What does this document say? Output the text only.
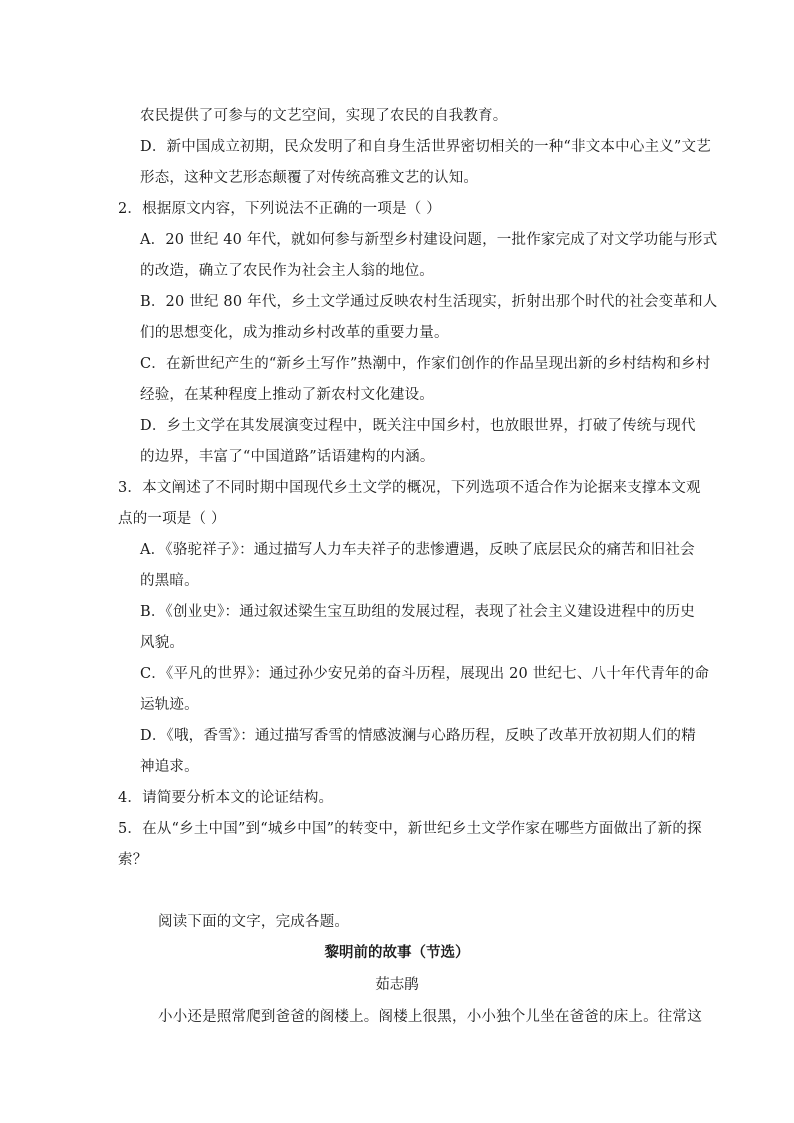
农民提供了可参与的文艺空间，实现了农民的自我教育。
D．新中国成立初期，民众发明了和自身生活世界密切相关的一种“非文本中心主义”文艺
形态，这种文艺形态颠覆了对传统高雅文艺的认知。
2．根据原文内容，下列说法不正确的一项是（ ）
A．20 世纪 40 年代，就如何参与新型乡村建设问题，一批作家完成了对文学功能与形式
的改造，确立了农民作为社会主人翁的地位。
B．20 世纪 80 年代，乡土文学通过反映农村生活现实，折射出那个时代的社会变革和人
们的思想变化，成为推动乡村改革的重要力量。
C．在新世纪产生的“新乡土写作”热潮中，作家们创作的作品呈现出新的乡村结构和乡村
经验，在某种程度上推动了新农村文化建设。
D．乡土文学在其发展演变过程中，既关注中国乡村，也放眼世界，打破了传统与现代
的边界，丰富了“中国道路”话语建构的内涵。
3．本文阐述了不同时期中国现代乡土文学的概况，下列选项不适合作为论据来支撑本文观
点的一项是（ ）
A．《骆驼祥子》：通过描写人力车夫祥子的悲惨遭遇，反映了底层民众的痛苦和旧社会
的黑暗。
B．《创业史》：通过叙述梁生宝互助组的发展过程，表现了社会主义建设进程中的历史
风貌。
C．《平凡的世界》：通过孙少安兄弟的奋斗历程，展现出 20 世纪七、八十年代青年的命
运轨迹。
D．《哦，香雪》：通过描写香雪的情感波澜与心路历程，反映了改革开放初期人们的精
神追求。
4．请简要分析本文的论证结构。
5．在从“乡土中国”到“城乡中国”的转变中，新世纪乡土文学作家在哪些方面做出了新的探
索？
阅读下面的文字，完成各题。
黎明前的故事（节选）
茹志鹃
小小还是照常爬到爸爸的阁楼上。阁楼上很黑，小小独个儿坐在爸爸的床上。往常这
